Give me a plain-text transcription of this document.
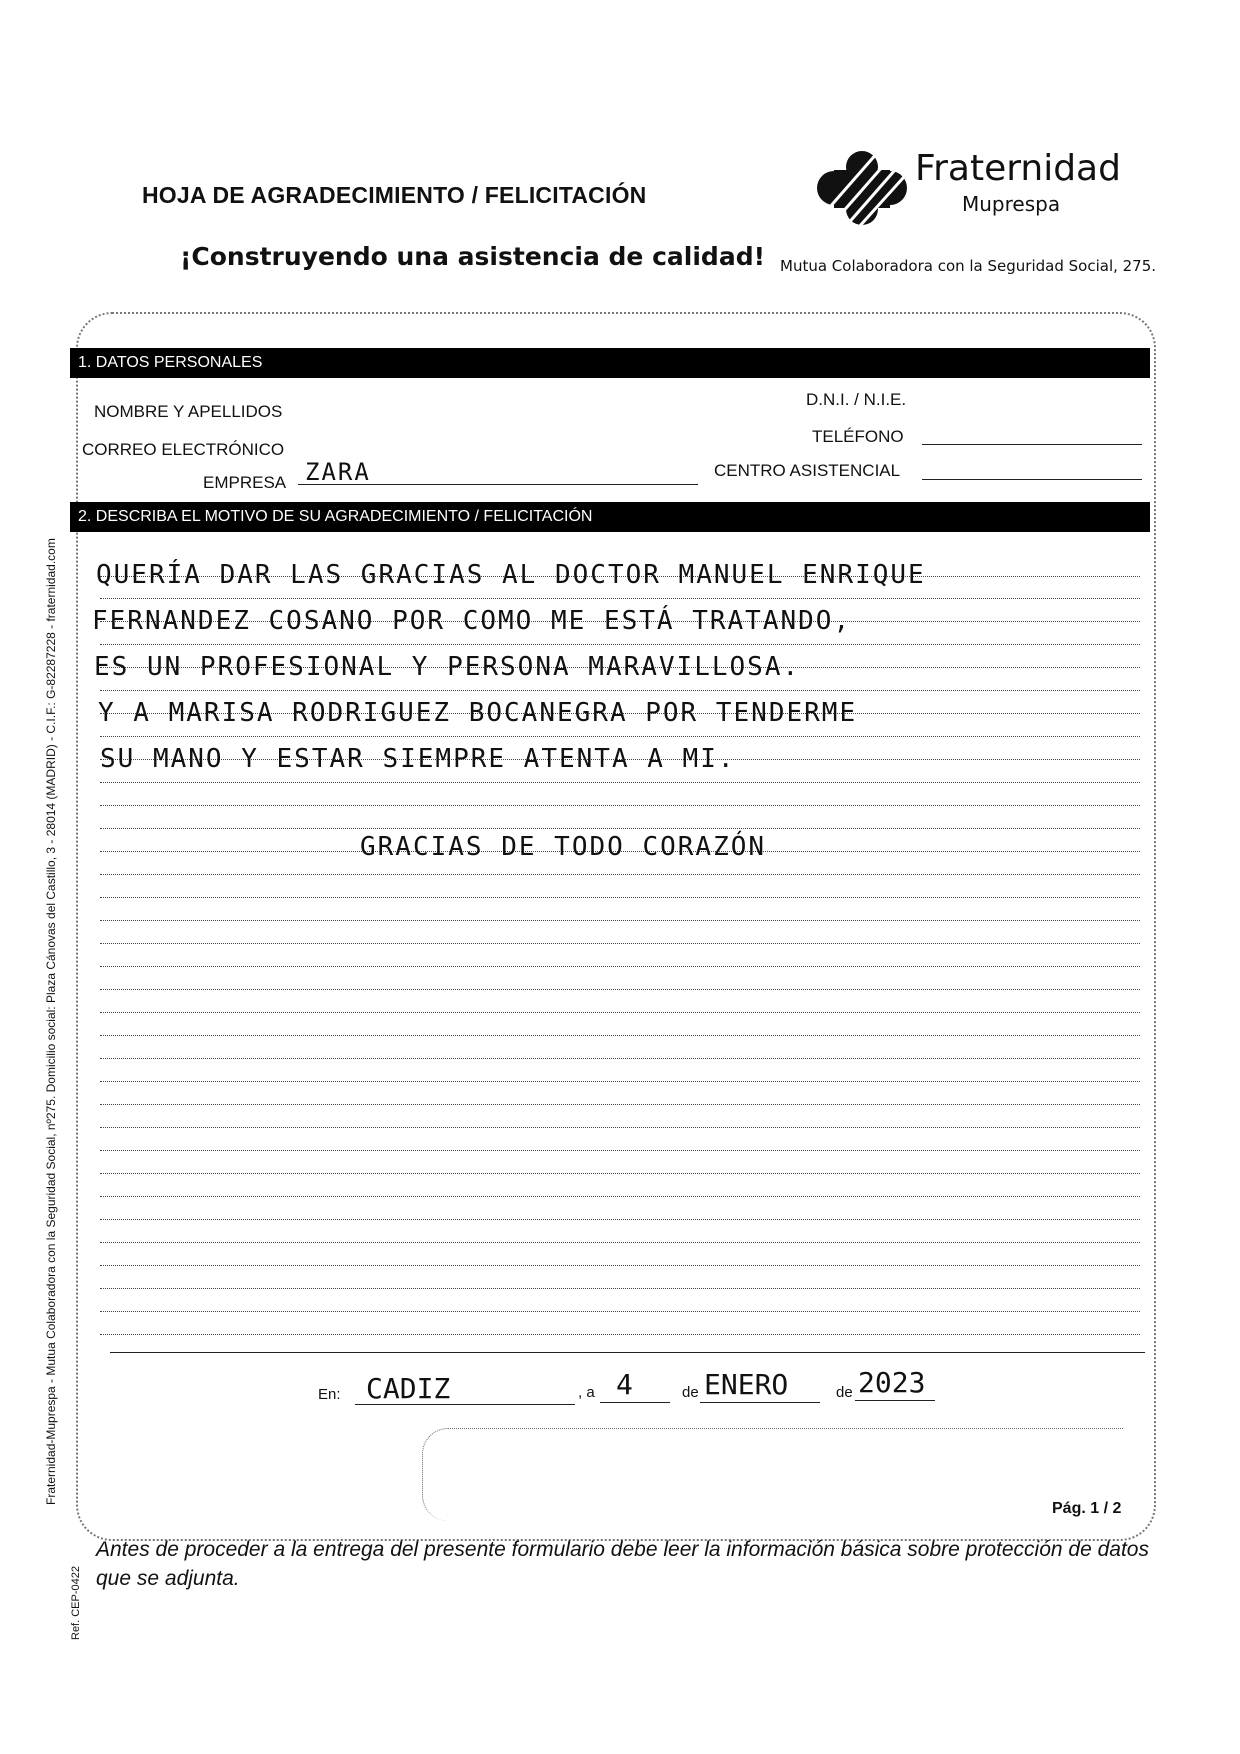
HOJA DE AGRADECIMIENTO / FELICITACIÓN
¡Construyendo una asistencia de calidad!
Fraternidad
Muprespa
Mutua Colaboradora con la Seguridad Social, 275.
1. DATOS PERSONALES
NOMBRE Y APELLIDOS
CORREO ELECTRÓNICO
EMPRESA ZARA
D.N.I. / N.I.E.
TELÉFONO
CENTRO ASISTENCIAL
2. DESCRIBA EL MOTIVO DE SU AGRADECIMIENTO / FELICITACIÓN
QUERÍA DAR LAS GRACIAS AL DOCTOR MANUEL ENRIQUE
FERNANDEZ COSANO POR COMO ME ESTÁ TRATANDO,
ES UN PROFESIONAL Y PERSONA MARAVILLOSA.
Y A MARISA RODRIGUEZ BOCANEGRA POR TENDERME
SU MANO Y ESTAR SIEMPRE ATENTA A MI.
GRACIAS DE TODO CORAZÓN
En: CADIZ	, a 4	de ENERO	de 2023
Pág. 1 / 2
Antes de proceder a la entrega del presente formulario debe leer la información básica sobre protección de datos que se adjunta.
Fraternidad-Muprespa - Mutua Colaboradora con la Seguridad Social, nº275. Domicilio social: Plaza Cánovas del Castillo, 3 - 28014 (MADRID) - C.I.F.: G-82287228 - fraternidad.com
Ref. CEP-0422
